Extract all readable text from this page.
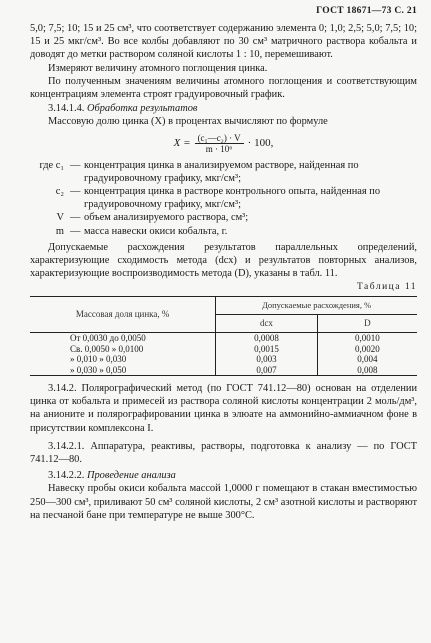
ГОСТ 18671—73 С. 21

5,0; 7,5; 10; 15 и 25 см³, что соответствует содержанию элемента 0; 1,0; 2,5; 5,0; 7,5; 10; 15 и 25 мкг/см³. Во все колбы добавляют по 30 см³ матричного раствора кобальта и доводят до метки раствором соляной кислоты 1 : 10, перемешивают.

Измеряют величину атомного поглощения цинка.

По полученным значениям величины атомного поглощения и соответствующим концентрациям элемента строят градуировочный график.

3.14.1.4. Обработка результатов

Массовую долю цинка (X) в процентах вычисляют по формуле

$X = \frac{\text{(c₁—c₂) · V}}{\text{m · 10⁶}} \cdot 100$,
где c₁ — концентрация цинка в анализируемом растворе, найденная по градуировочному графику, мкг/см³;
c₂ — концентрация цинка в растворе контрольного опыта, найденная по градуировочному графику, мкг/см³;
V — объем анализируемого раствора, см³;
m — масса навески окиси кобальта, г.

Допускаемые расхождения результатов параллельных определений, характеризующие сходимость метода (dсх) и результатов повторных анализов, характеризующие воспроизводимость метода (D), указаны в табл. 11.

Таблица 11
Массовая доля цинка, %	Допускаемые расхождения, %	
	dсх	D
От 0,0030 до 0,0050	0,0008	0,0010
Св. 0,0050 » 0,0100	0,0015	0,0020
» 0,010 » 0,030	0,003	0,004
» 0,030 » 0,050	0,007	0,008

3.14.2. Полярографический метод (по ГОСТ 741.12—80) основан на отделении цинка от кобальта и примесей из раствора соляной кислоты концентрации 2 моль/дм³, на анионите и полярографировании цинка в элюате на аммонийно-аммиачном фоне в присутствии комплексона I.

3.14.2.1. Аппаратура, реактивы, растворы, подготовка к анализу — по ГОСТ 741.12—80.

3.14.2.2. Проведение анализа

Навеску пробы окиси кобальта массой 1,0000 г помещают в стакан вместимостью 250—300 см³, приливают 50 см³ соляной кислоты, 2 см³ азотной кислоты и растворяют на песчаной бане при температуре не выше 300°С.
